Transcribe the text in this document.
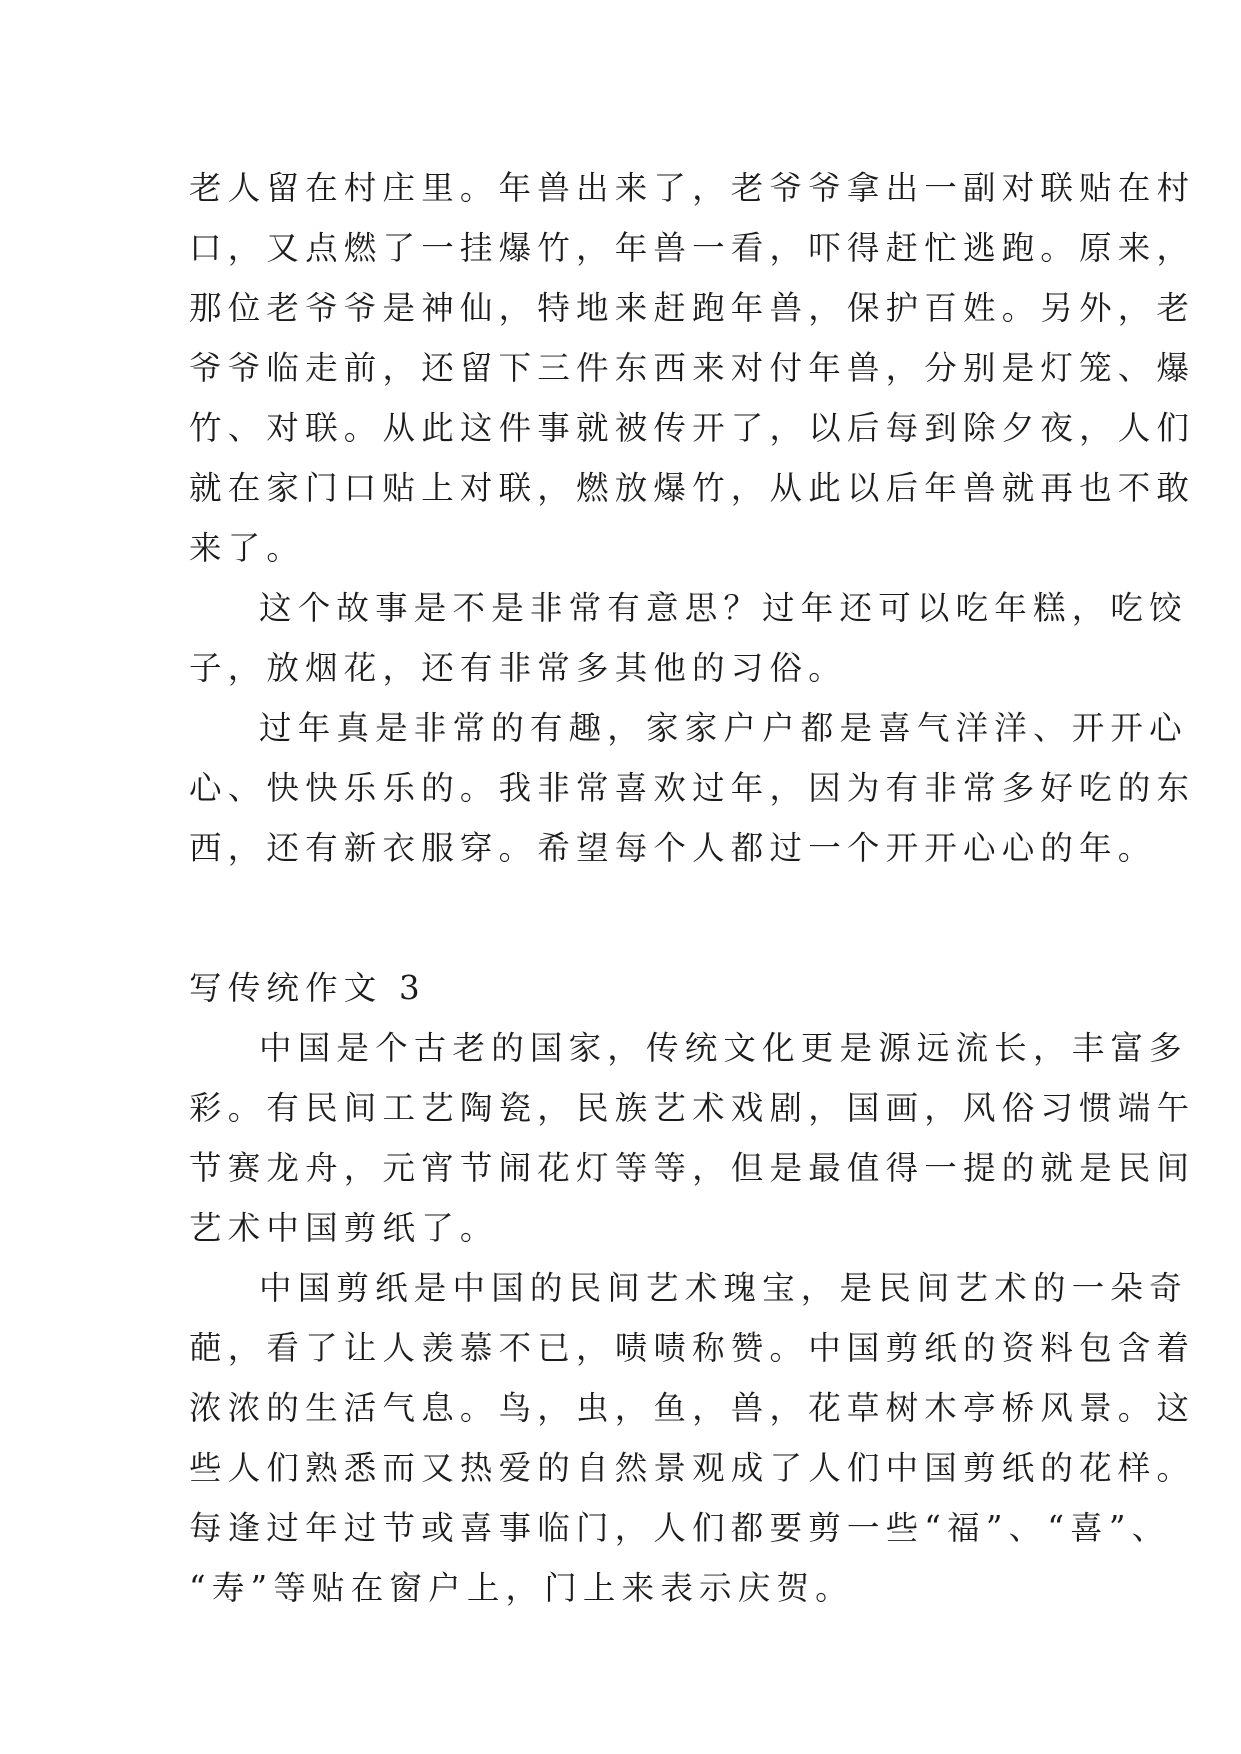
老人留在村庄里。年兽出来了，老爷爷拿出一副对联贴在村
口，又点燃了一挂爆竹，年兽一看，吓得赶忙逃跑。原来，
那位老爷爷是神仙，特地来赶跑年兽，保护百姓。另外，老
爷爷临走前，还留下三件东西来对付年兽，分别是灯笼、爆
竹、对联。从此这件事就被传开了，以后每到除夕夜，人们
就在家门口贴上对联，燃放爆竹，从此以后年兽就再也不敢
来了。
这个故事是不是非常有意思？过年还可以吃年糕，吃饺
子，放烟花，还有非常多其他的习俗。
过年真是非常的有趣，家家户户都是喜气洋洋、开开心
心、快快乐乐的。我非常喜欢过年，因为有非常多好吃的东
西，还有新衣服穿。希望每个人都过一个开开心心的年。
写传统作文 3
中国是个古老的国家，传统文化更是源远流长，丰富多
彩。有民间工艺陶瓷，民族艺术戏剧，国画，风俗习惯端午
节赛龙舟，元宵节闹花灯等等，但是最值得一提的就是民间
艺术中国剪纸了。
中国剪纸是中国的民间艺术瑰宝，是民间艺术的一朵奇
葩，看了让人羡慕不已，啧啧称赞。中国剪纸的资料包含着
浓浓的生活气息。鸟，虫，鱼，兽，花草树木亭桥风景。这
些人们熟悉而又热爱的自然景观成了人们中国剪纸的花样。
每逢过年过节或喜事临门，人们都要剪一些“福”、“喜”、
“寿”等贴在窗户上，门上来表示庆贺。
